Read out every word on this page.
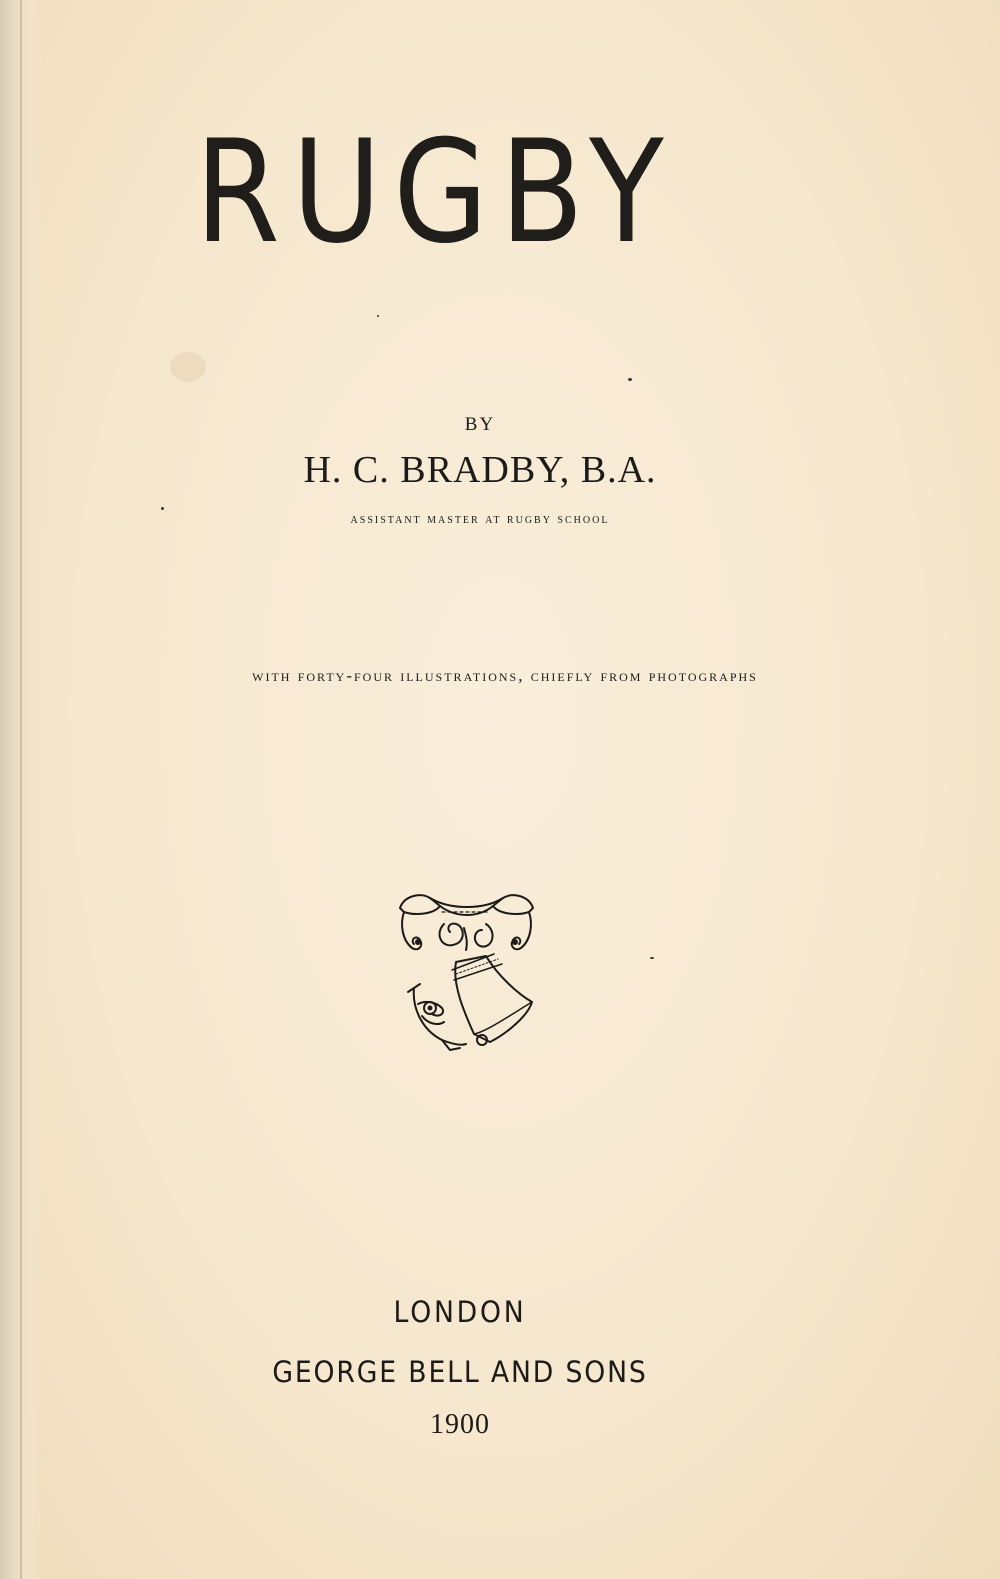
RUGBY
BY
H. C. BRADBY, B.A.
assistant master at rugby school
with forty-four illustrations, chiefly from photographs
LONDON
GEORGE BELL AND SONS
1900
